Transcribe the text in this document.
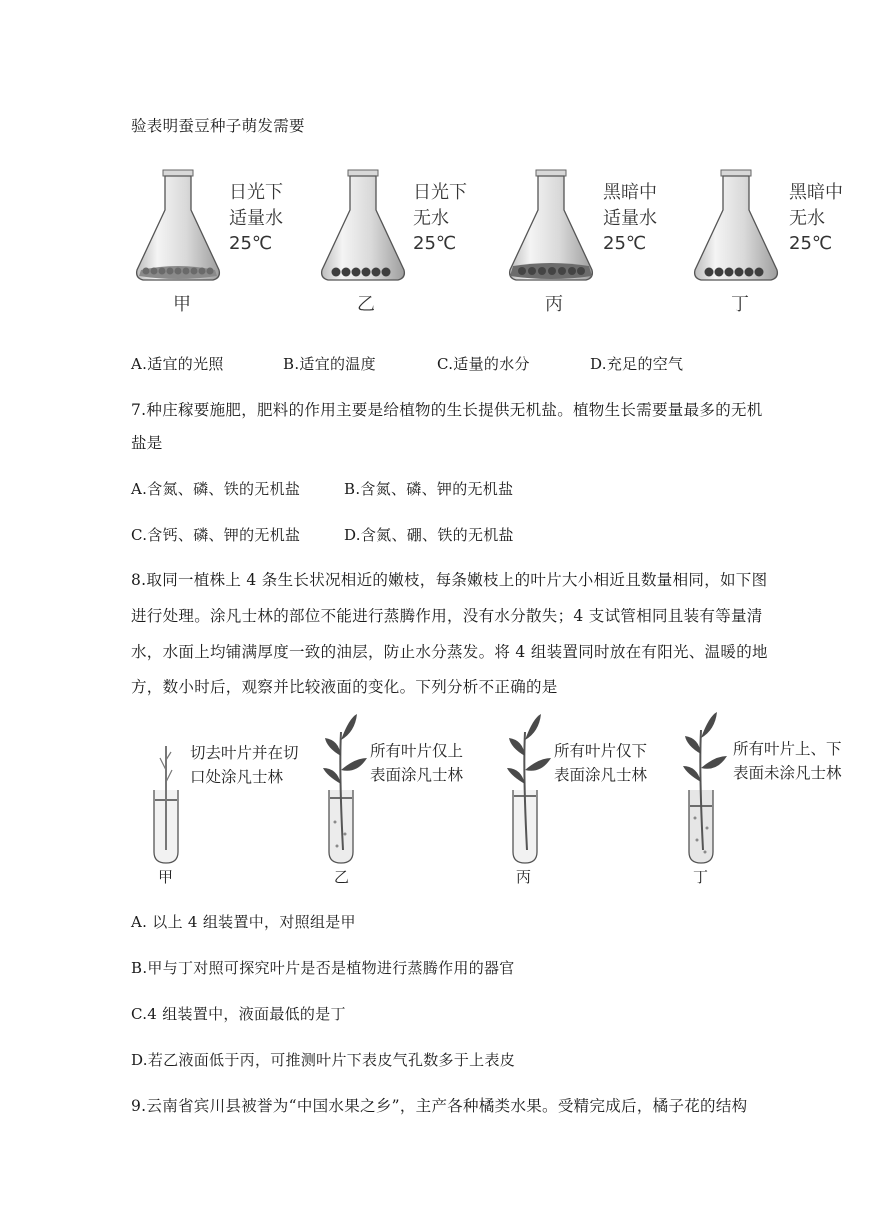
验表明蚕豆种子萌发需要
日光下
适量水
25℃
日光下
无水
25℃
黑暗中
适量水
25℃
黑暗中
无水
25℃
甲	乙	丙	丁
A.适宜的光照	B.适宜的温度	C.适量的水分	D.充足的空气
7.种庄稼要施肥，肥料的作用主要是给植物的生长提供无机盐。植物生长需要量最多的无机
盐是
A.含氮、磷、铁的无机盐	B.含氮、磷、钾的无机盐
C.含钙、磷、钾的无机盐	D.含氮、硼、铁的无机盐
8.取同一植株上 4 条生长状况相近的嫩枝，每条嫩枝上的叶片大小相近且数量相同，如下图
进行处理。涂凡士林的部位不能进行蒸腾作用，没有水分散失；4 支试管相同且装有等量清
水，水面上均铺满厚度一致的油层，防止水分蒸发。将 4 组装置同时放在有阳光、温暖的地
方，数小时后，观察并比较液面的变化。下列分析不正确的是
切去叶片并在切
口处涂凡士林
所有叶片仅上
表面涂凡士林
所有叶片仅下
表面涂凡士林
所有叶片上、下
表面未涂凡士林
甲	乙	丙	丁
A. 以上 4 组装置中，对照组是甲
B.甲与丁对照可探究叶片是否是植物进行蒸腾作用的器官
C.4 组装置中，液面最低的是丁
D.若乙液面低于丙，可推测叶片下表皮气孔数多于上表皮
9.云南省宾川县被誉为“中国水果之乡”，主产各种橘类水果。受精完成后，橘子花的结构
